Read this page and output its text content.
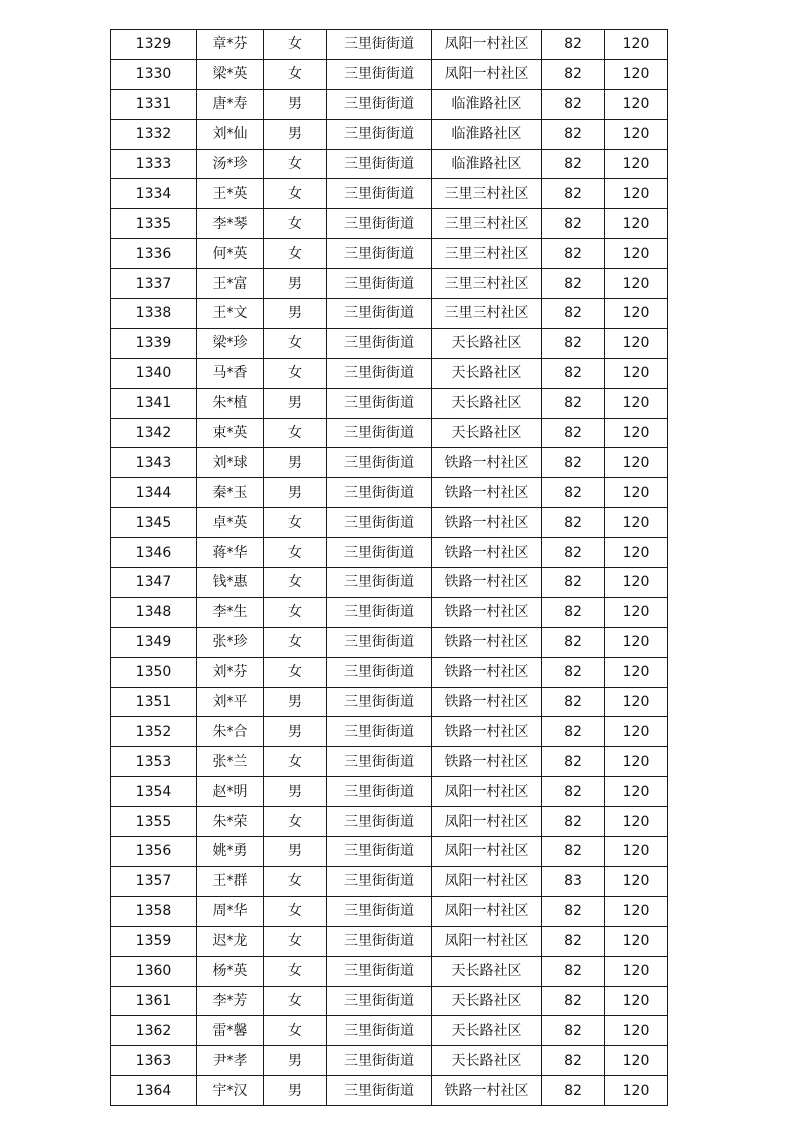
1329	章*芬	女	三里街街道	凤阳一村社区	82	120
1330	梁*英	女	三里街街道	凤阳一村社区	82	120
1331	唐*寿	男	三里街街道	临淮路社区	82	120
1332	刘*仙	男	三里街街道	临淮路社区	82	120
1333	汤*珍	女	三里街街道	临淮路社区	82	120
1334	王*英	女	三里街街道	三里三村社区	82	120
1335	李*琴	女	三里街街道	三里三村社区	82	120
1336	何*英	女	三里街街道	三里三村社区	82	120
1337	王*富	男	三里街街道	三里三村社区	82	120
1338	王*文	男	三里街街道	三里三村社区	82	120
1339	梁*珍	女	三里街街道	天长路社区	82	120
1340	马*香	女	三里街街道	天长路社区	82	120
1341	朱*植	男	三里街街道	天长路社区	82	120
1342	束*英	女	三里街街道	天长路社区	82	120
1343	刘*球	男	三里街街道	铁路一村社区	82	120
1344	秦*玉	男	三里街街道	铁路一村社区	82	120
1345	卓*英	女	三里街街道	铁路一村社区	82	120
1346	蒋*华	女	三里街街道	铁路一村社区	82	120
1347	钱*惠	女	三里街街道	铁路一村社区	82	120
1348	李*生	女	三里街街道	铁路一村社区	82	120
1349	张*珍	女	三里街街道	铁路一村社区	82	120
1350	刘*芬	女	三里街街道	铁路一村社区	82	120
1351	刘*平	男	三里街街道	铁路一村社区	82	120
1352	朱*合	男	三里街街道	铁路一村社区	82	120
1353	张*兰	女	三里街街道	铁路一村社区	82	120
1354	赵*明	男	三里街街道	凤阳一村社区	82	120
1355	朱*荣	女	三里街街道	凤阳一村社区	82	120
1356	姚*勇	男	三里街街道	凤阳一村社区	82	120
1357	王*群	女	三里街街道	凤阳一村社区	83	120
1358	周*华	女	三里街街道	凤阳一村社区	82	120
1359	迟*龙	女	三里街街道	凤阳一村社区	82	120
1360	杨*英	女	三里街街道	天长路社区	82	120
1361	李*芳	女	三里街街道	天长路社区	82	120
1362	雷*馨	女	三里街街道	天长路社区	82	120
1363	尹*孝	男	三里街街道	天长路社区	82	120
1364	宇*汉	男	三里街街道	铁路一村社区	82	120
